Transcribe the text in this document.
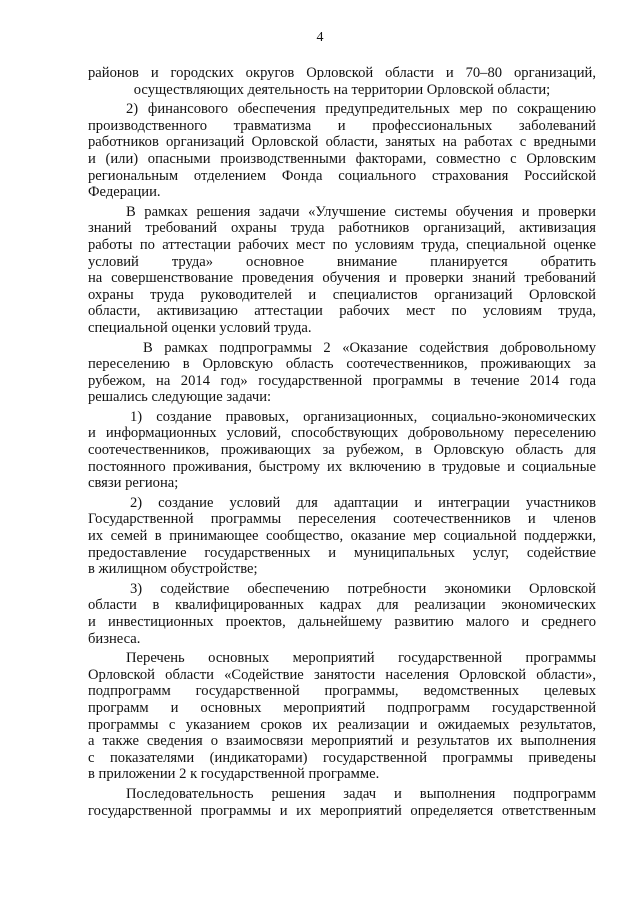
4
районов и городских округов Орловской области и 70–80 организаций,
осуществляющих деятельность на территории Орловской области;
2) финансового обеспечения предупредительных мер по сокращению
производственного травматизма и профессиональных заболеваний
работников организаций Орловской области, занятых на работах с вредными
и (или) опасными производственными факторами, совместно с Орловским
региональным отделением Фонда социального страхования Российской
Федерации.
В рамках решения задачи «Улучшение системы обучения и проверки
знаний требований охраны труда работников организаций, активизация
работы по аттестации рабочих мест по условиям труда, специальной оценке
условий труда» основное внимание планируется обратить
на совершенствование проведения обучения и проверки знаний требований
охраны труда руководителей и специалистов организаций Орловской
области, активизацию аттестации рабочих мест по условиям труда,
специальной оценки условий труда.
В рамках подпрограммы 2 «Оказание содействия добровольному
переселению в Орловскую область соотечественников, проживающих за
рубежом, на 2014 год» государственной программы в течение 2014 года
решались следующие задачи:
1) создание правовых, организационных, социально-экономических
и информационных условий, способствующих добровольному переселению
соотечественников, проживающих за рубежом, в Орловскую область для
постоянного проживания, быстрому их включению в трудовые и социальные
связи региона;
2) создание условий для адаптации и интеграции участников
Государственной программы переселения соотечественников и членов
их семей в принимающее сообщество, оказание мер социальной поддержки,
предоставление государственных и муниципальных услуг, содействие
в жилищном обустройстве;
3) содействие обеспечению потребности экономики Орловской
области в квалифицированных кадрах для реализации экономических
и инвестиционных проектов, дальнейшему развитию малого и среднего
бизнеса.
Перечень основных мероприятий государственной программы
Орловской области «Содействие занятости населения Орловской области»,
подпрограмм государственной программы, ведомственных целевых
программ и основных мероприятий подпрограмм государственной
программы с указанием сроков их реализации и ожидаемых результатов,
а также сведения о взаимосвязи мероприятий и результатов их выполнения
с показателями (индикаторами) государственной программы приведены
в приложении 2 к государственной программе.
Последовательность решения задач и выполнения подпрограмм
государственной программы и их мероприятий определяется ответственным
